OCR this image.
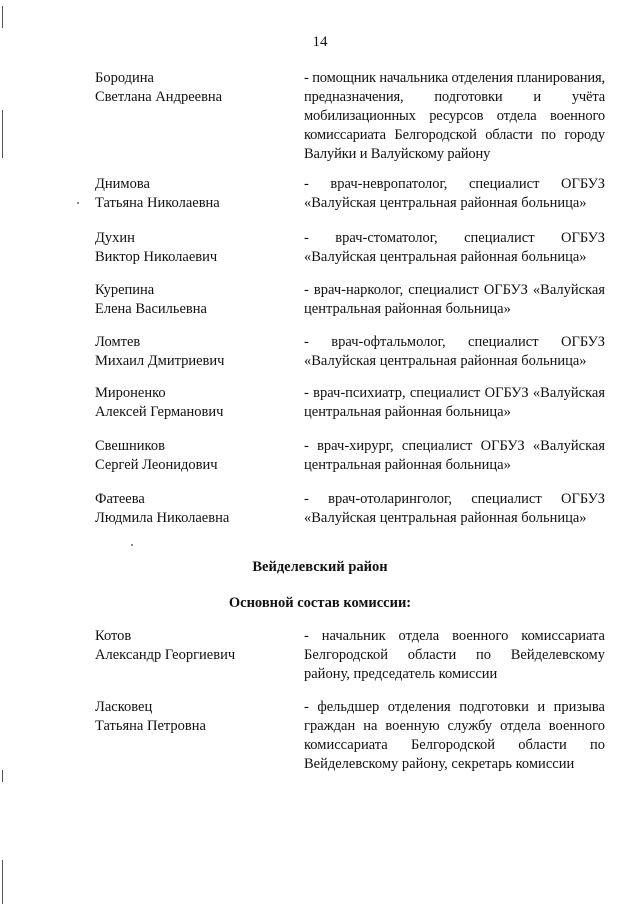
14
Бородина
Светлана Андреевна
- помощник начальника отделения планирования, предназначения, подготовки и учёта мобилизационных ресурсов отдела военного комиссариата Белгородской области по городу Валуйки и Валуйскому району
Днимова
Татьяна Николаевна
- врач-невропатолог, специалист ОГБУЗ «Валуйская центральная районная больница»
Духин
Виктор Николаевич
- врач-стоматолог, специалист ОГБУЗ «Валуйская центральная районная больница»
Курепина
Елена Васильевна
- врач-нарколог, специалист ОГБУЗ «Валуйская центральная районная больница»
Ломтев
Михаил Дмитриевич
- врач-офтальмолог, специалист ОГБУЗ «Валуйская центральная районная больница»
Мироненко
Алексей Германович
- врач-психиатр, специалист ОГБУЗ «Валуйская центральная районная больница»
Свешников
Сергей Леонидович
- врач-хирург, специалист ОГБУЗ «Валуйская центральная районная больница»
Фатеева
Людмила Николаевна
- врач-отоларинголог, специалист ОГБУЗ «Валуйская центральная районная больница»
Вейделевский район
Основной состав комиссии:
Котов
Александр Георгиевич
- начальник отдела военного комиссариата Белгородской области по Вейделевскому району, председатель комиссии
Ласковец
Татьяна Петровна
- фельдшер отделения подготовки и призыва граждан на военную службу отдела военного комиссариата Белгородской области по Вейделевскому району, секретарь комиссии
